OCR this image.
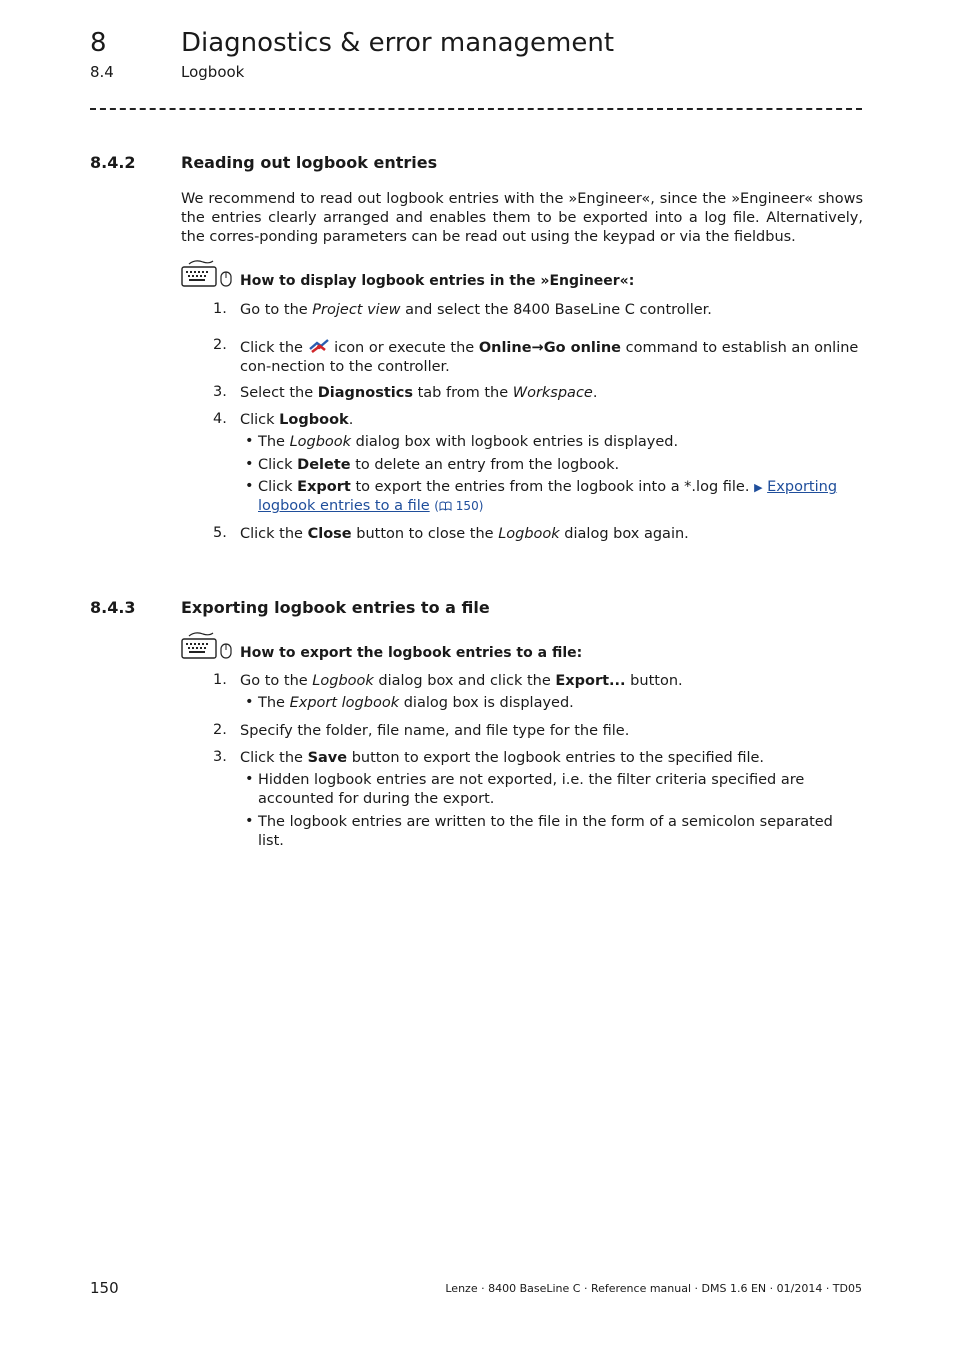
8	Diagnostics & error management
8.4	Logbook
8.4.2	Reading out logbook entries
We recommend to read out logbook entries with the »Engineer«, since the »Engineer« shows the entries clearly arranged and enables them to be exported into a log file. Alternatively, the corres-ponding parameters can be read out using the keypad or via the fieldbus.
How to display logbook entries in the »Engineer«:
1. Go to the Project view and select the 8400 BaseLine C controller.
2. Click the  icon or execute the Online→Go online command to establish an online con-nection to the controller.
3. Select the Diagnostics tab from the Workspace.
4. Click Logbook.
• The Logbook dialog box with logbook entries is displayed.
• Click Delete to delete an entry from the logbook.
• Click Export to export the entries from the logbook into a *.log file. ▶ Exporting logbook entries to a file ( 150)
5. Click the Close button to close the Logbook dialog box again.
8.4.3	Exporting logbook entries to a file
How to export the logbook entries to a file:
1. Go to the Logbook dialog box and click the Export... button.
• The Export logbook dialog box is displayed.
2. Specify the folder, file name, and file type for the file.
3. Click the Save button to export the logbook entries to the specified file.
• Hidden logbook entries are not exported, i.e. the filter criteria specified are accounted for during the export.
• The logbook entries are written to the file in the form of a semicolon separated list.
150	Lenze · 8400 BaseLine C · Reference manual · DMS 1.6 EN · 01/2014 · TD05
